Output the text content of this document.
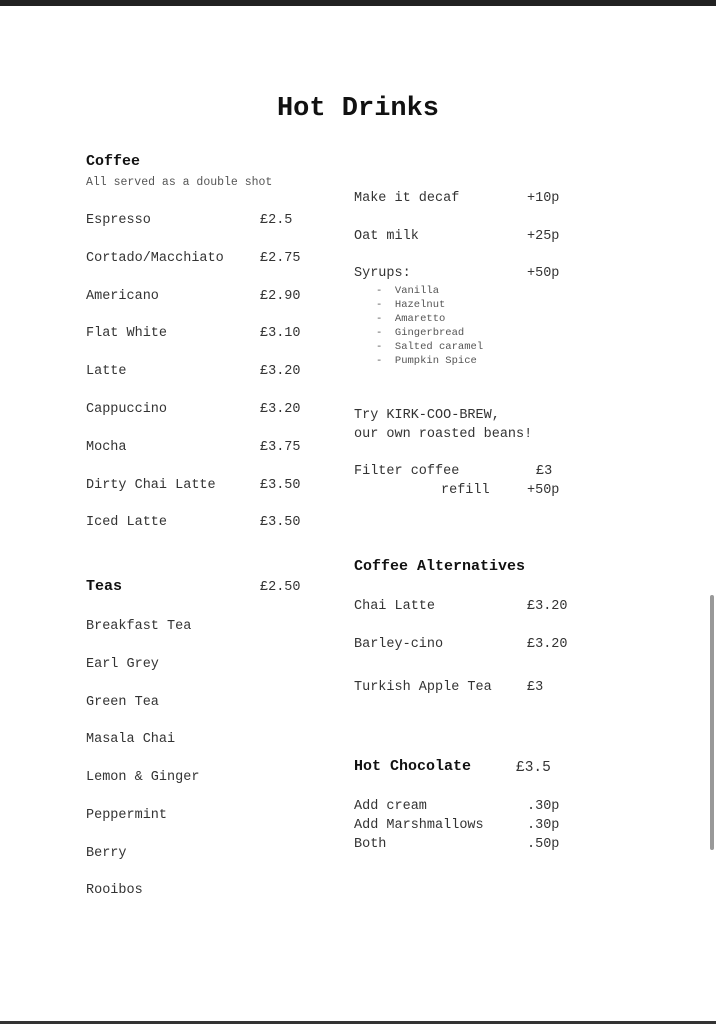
Hot Drinks
Coffee
All served as a double shot
Espresso	£2.5
Cortado/Macchiato	£2.75
Americano	£2.90
Flat White	£3.10
Latte	£3.20
Cappuccino	£3.20
Mocha	£3.75
Dirty Chai Latte	£3.50
Iced Latte	£3.50
Teas	£2.50
Breakfast Tea
Earl Grey
Green Tea
Masala Chai
Lemon & Ginger
Peppermint
Berry
Rooibos
Make it decaf	+10p
Oat milk	+25p
Syrups:	+50p
-  Vanilla
-  Hazelnut
-  Amaretto
-  Gingerbread
-  Salted caramel
-  Pumpkin Spice
Try KIRK-COO-BREW,
our own roasted beans!
Filter coffee	£3
refill	+50p
Coffee Alternatives
Chai Latte	£3.20
Barley-cino	£3.20
Turkish Apple Tea	£3
Hot Chocolate	£3.5
Add cream	.30p
Add Marshmallows	.30p
Both	.50p
